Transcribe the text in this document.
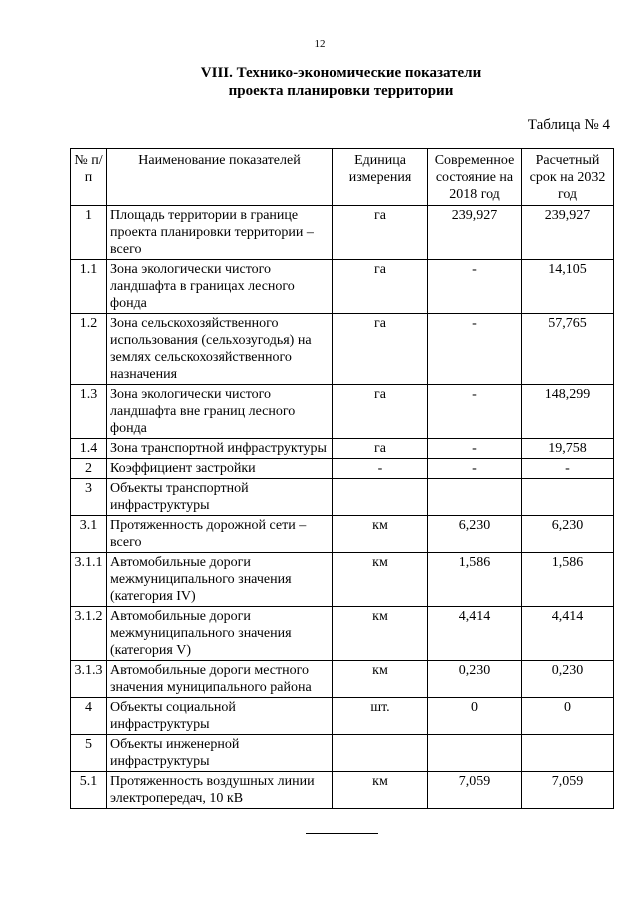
12
VIII. Технико-экономические показатели
проекта планировки территории
Таблица № 4
№ п/п	Наименование показателей	Единица измерения	Современное состояние на 2018 год	Расчетный срок на 2032 год
1	Площадь территории в границе проекта планировки территории – всего	га	239,927	239,927
1.1	Зона экологически чистого ландшафта в границах лесного фонда	га	-	14,105
1.2	Зона сельскохозяйственного использования (сельхозугодья) на землях сельскохозяйственного назначения	га	-	57,765
1.3	Зона экологически чистого ландшафта вне границ лесного фонда	га	-	148,299
1.4	Зона транспортной инфраструктуры	га	-	19,758
2	Коэффициент застройки	-	-	-
3	Объекты транспортной инфраструктуры			
3.1	Протяженность дорожной сети – всего	км	6,230	6,230
3.1.1	Автомобильные дороги межмуниципального значения (категория IV)	км	1,586	1,586
3.1.2	Автомобильные дороги межмуниципального значения (категория V)	км	4,414	4,414
3.1.3	Автомобильные дороги местного значения муниципального района	км	0,230	0,230
4	Объекты социальной инфраструктуры	шт.	0	0
5	Объекты инженерной инфраструктуры			
5.1	Протяженность воздушных линии электропередач, 10 кВ	км	7,059	7,059
